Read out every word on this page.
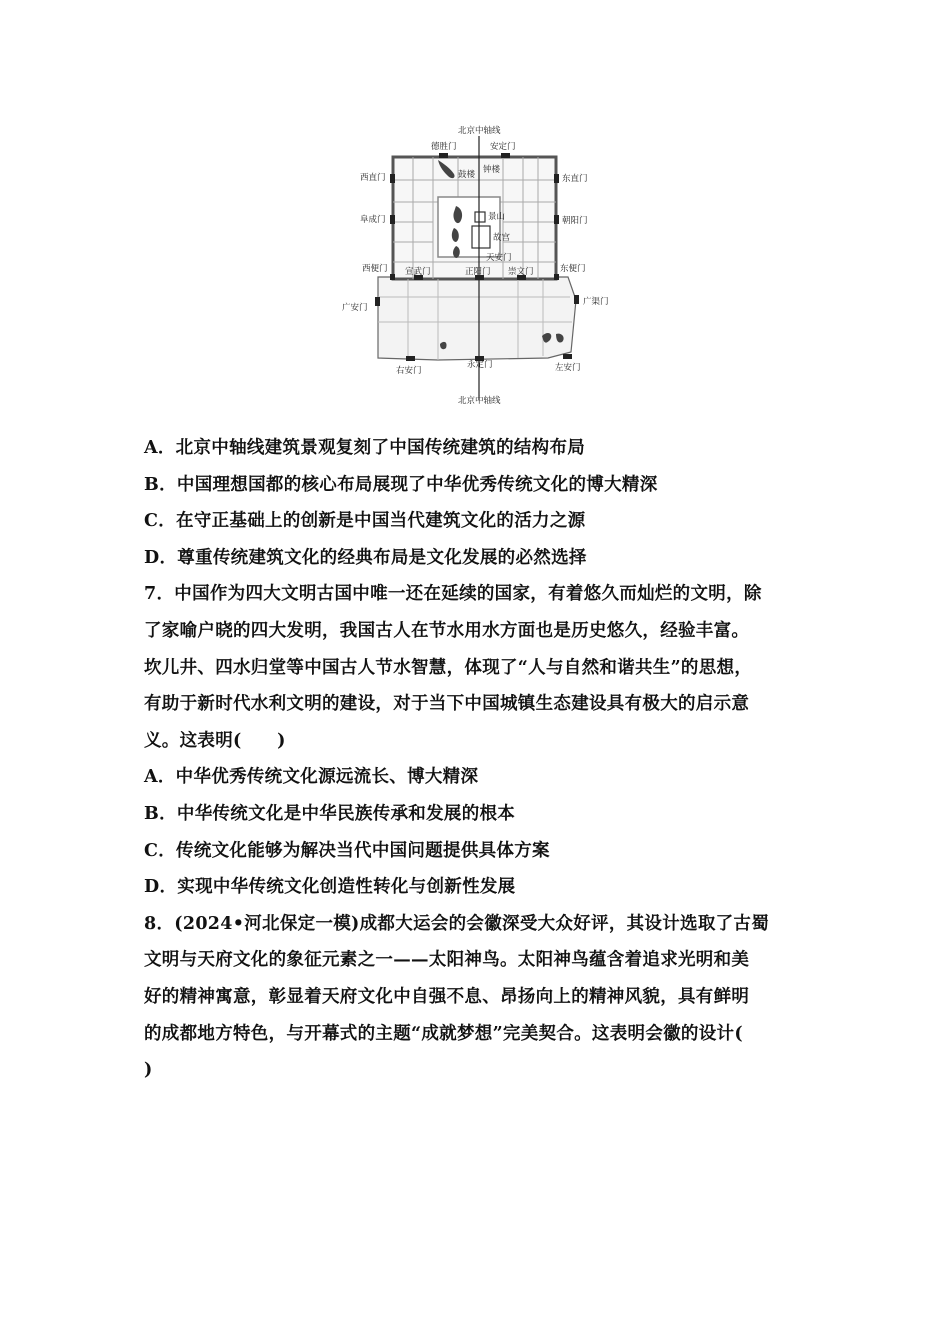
北京中轴线
德胜门	安定门
西直门	东直门
阜成门	朝阳门
鼓楼 钟楼
景山
故宫
天安门
西便门	东便门
宣武门	正阳门 崇文门
广安门
广渠门
永定门	左安门
右安门
北京中轴线
A．北京中轴线建筑景观复刻了中国传统建筑的结构布局
B．中国理想国都的核心布局展现了中华优秀传统文化的博大精深
C．在守正基础上的创新是中国当代建筑文化的活力之源
D．尊重传统建筑文化的经典布局是文化发展的必然选择
7．中国作为四大文明古国中唯一还在延续的国家，有着悠久而灿烂的文明，除
了家喻户晓的四大发明，我国古人在节水用水方面也是历史悠久，经验丰富。
坎儿井、四水归堂等中国古人节水智慧，体现了“人与自然和谐共生”的思想，
有助于新时代水利文明的建设，对于当下中国城镇生态建设具有极大的启示意
义。这表明(　　)
A．中华优秀传统文化源远流长、博大精深
B．中华传统文化是中华民族传承和发展的根本
C．传统文化能够为解决当代中国问题提供具体方案
D．实现中华传统文化创造性转化与创新性发展
8．(2024•河北保定一模)成都大运会的会徽深受大众好评，其设计选取了古蜀
文明与天府文化的象征元素之一——太阳神鸟。太阳神鸟蕴含着追求光明和美
好的精神寓意，彰显着天府文化中自强不息、昂扬向上的精神风貌，具有鲜明
的成都地方特色，与开幕式的主题“成就梦想”完美契合。这表明会徽的设计(
)
